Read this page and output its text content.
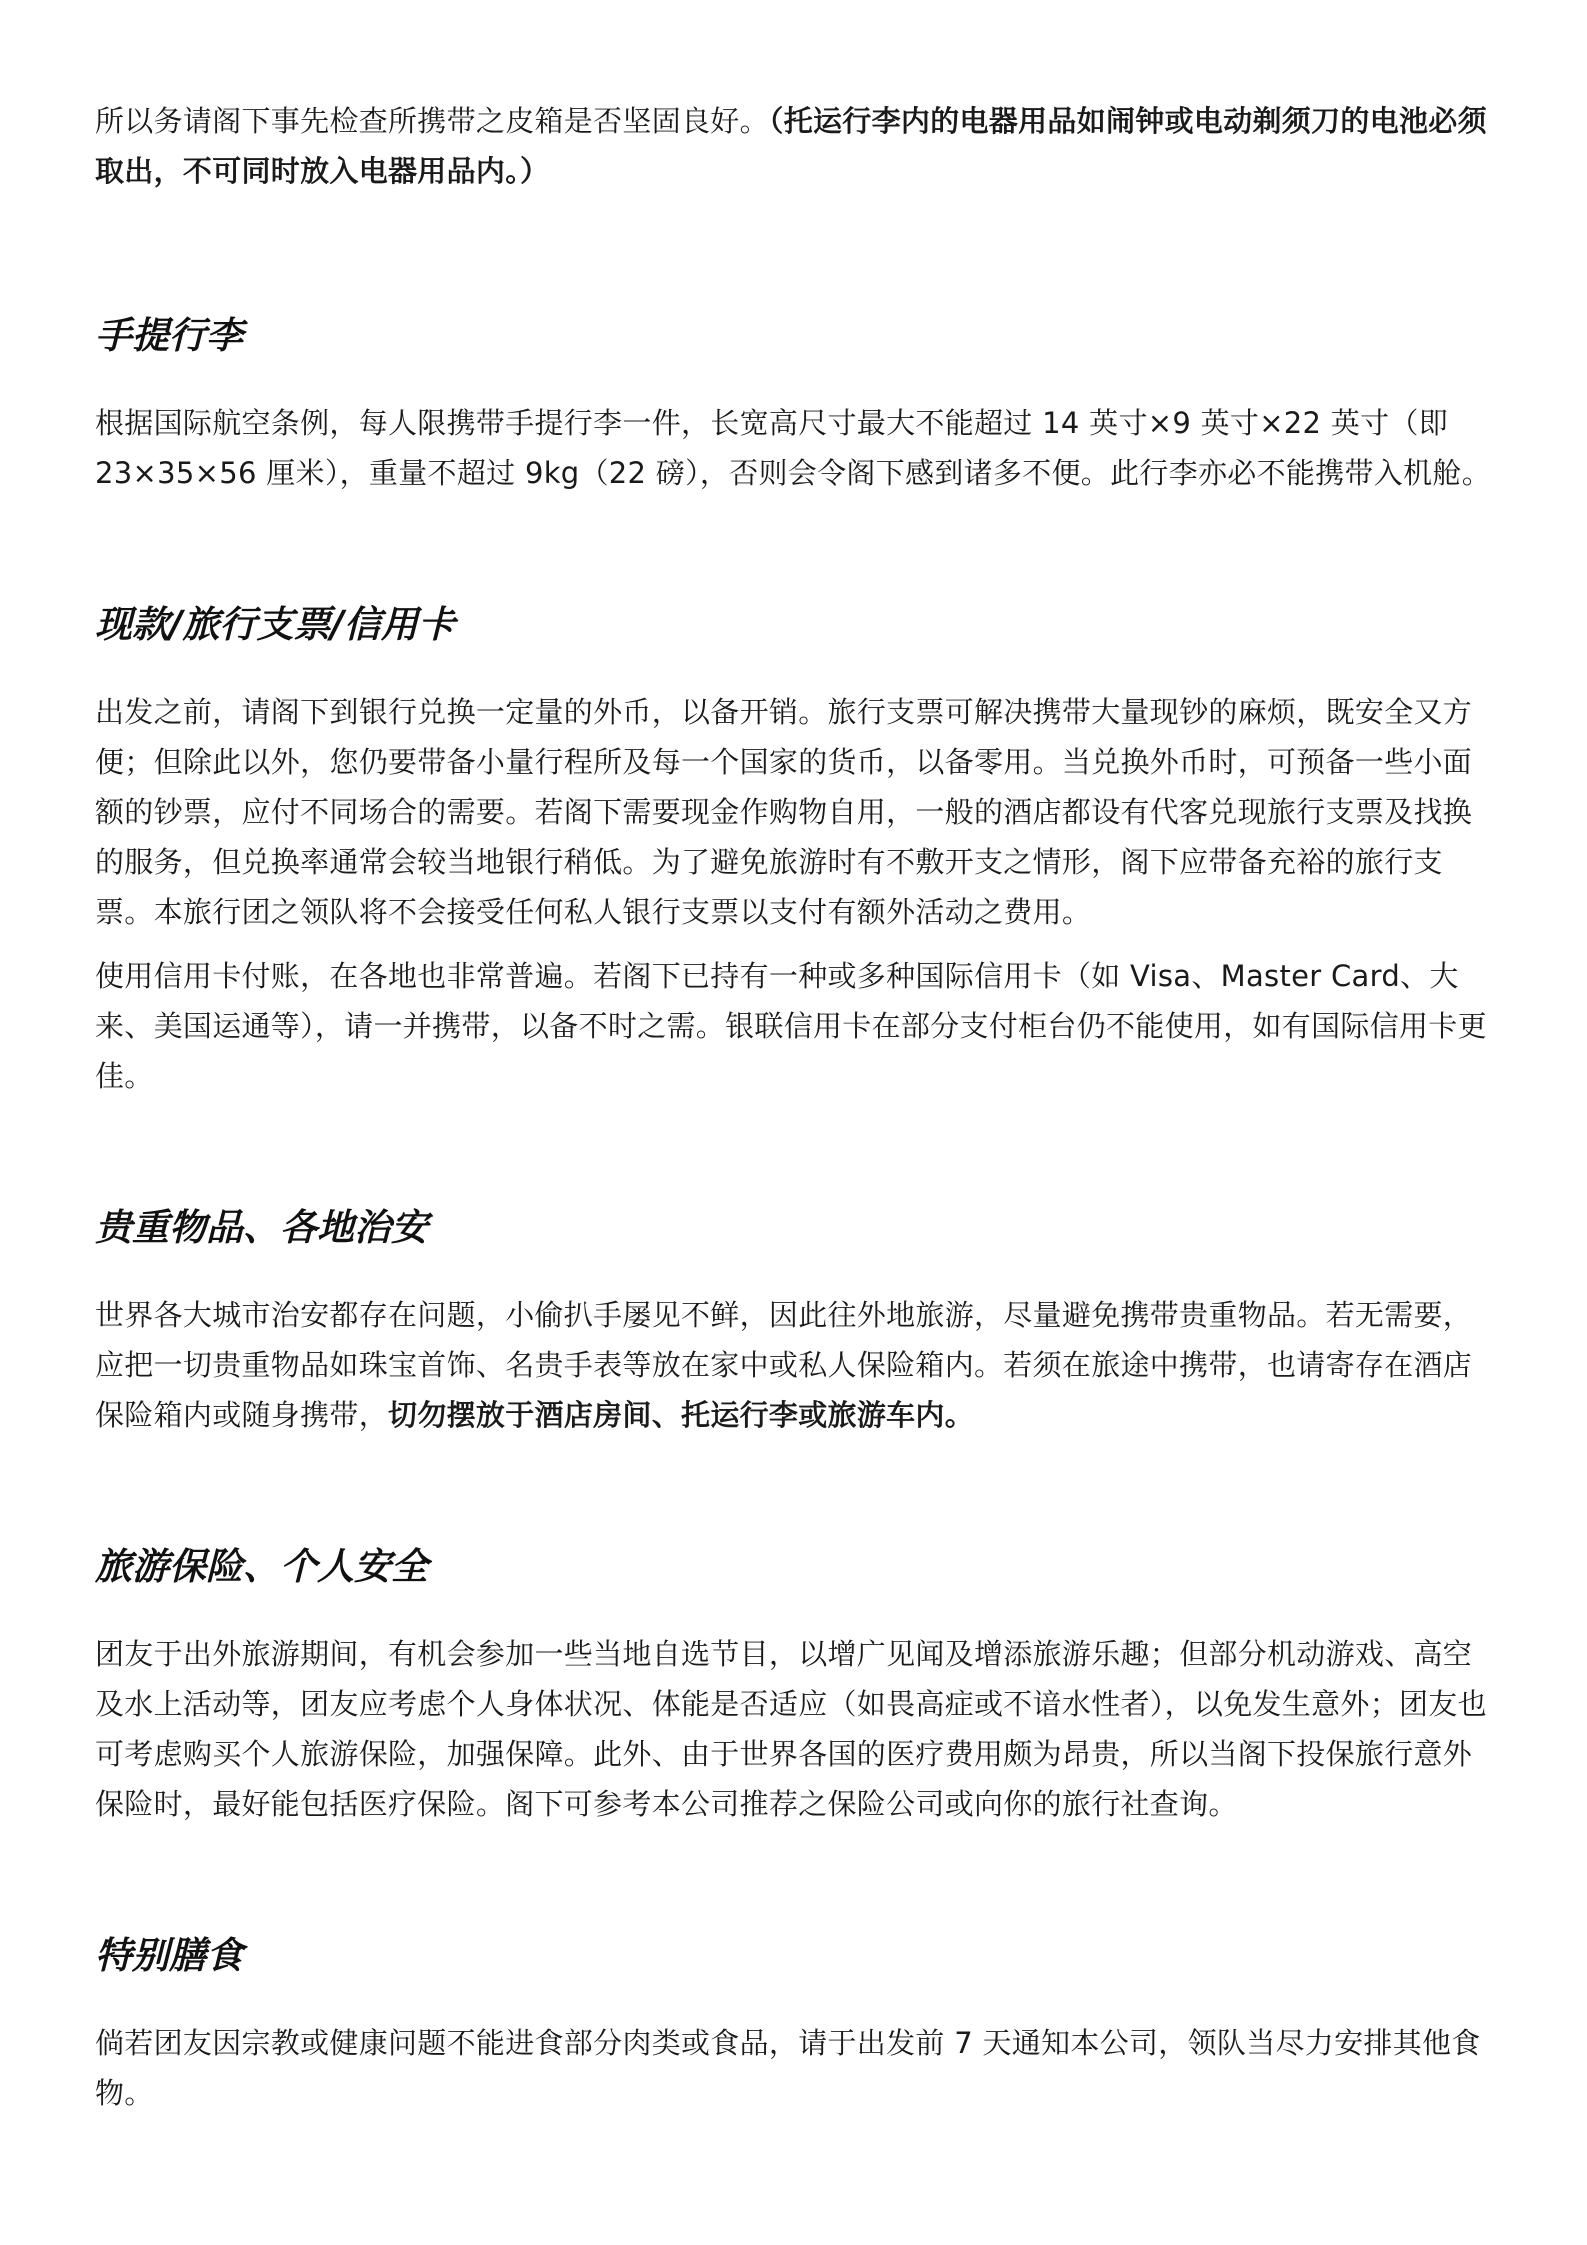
所以务请阁下事先检查所携带之皮箱是否坚固良好。（托运行李内的电器用品如闹钟或电动剃须刀的电池必须取出，不可同时放入电器用品内。）

手提行李

根据国际航空条例，每人限携带手提行李一件，长宽高尺寸最大不能超过 14 英寸×9 英寸×22 英寸（即 23×35×56 厘米），重量不超过 9kg（22 磅），否则会令阁下感到诸多不便。此行李亦必不能携带入机舱。

现款/旅行支票/信用卡

出发之前，请阁下到银行兑换一定量的外币，以备开销。旅行支票可解决携带大量现钞的麻烦，既安全又方便；但除此以外，您仍要带备小量行程所及每一个国家的货币，以备零用。当兑换外币时，可预备一些小面额的钞票，应付不同场合的需要。若阁下需要现金作购物自用，一般的酒店都设有代客兑现旅行支票及找换的服务，但兑换率通常会较当地银行稍低。为了避免旅游时有不敷开支之情形，阁下应带备充裕的旅行支票。本旅行团之领队将不会接受任何私人银行支票以支付有额外活动之费用。

使用信用卡付账，在各地也非常普遍。若阁下已持有一种或多种国际信用卡（如 Visa、Master Card、大来、美国运通等），请一并携带，以备不时之需。银联信用卡在部分支付柜台仍不能使用，如有国际信用卡更佳。

贵重物品、各地治安

世界各大城市治安都存在问题，小偷扒手屡见不鲜，因此往外地旅游，尽量避免携带贵重物品。若无需要，应把一切贵重物品如珠宝首饰、名贵手表等放在家中或私人保险箱内。若须在旅途中携带，也请寄存在酒店保险箱内或随身携带，切勿摆放于酒店房间、托运行李或旅游车内。

旅游保险、个人安全

团友于出外旅游期间，有机会参加一些当地自选节目，以增广见闻及增添旅游乐趣；但部分机动游戏、高空及水上活动等，团友应考虑个人身体状况、体能是否适应（如畏高症或不谙水性者），以免发生意外；团友也可考虑购买个人旅游保险，加强保障。此外、由于世界各国的医疗费用颇为昂贵，所以当阁下投保旅行意外保险时，最好能包括医疗保险。阁下可参考本公司推荐之保险公司或向你的旅行社查询。

特别膳食

倘若团友因宗教或健康问题不能进食部分肉类或食品，请于出发前 7 天通知本公司，领队当尽力安排其他食物。
